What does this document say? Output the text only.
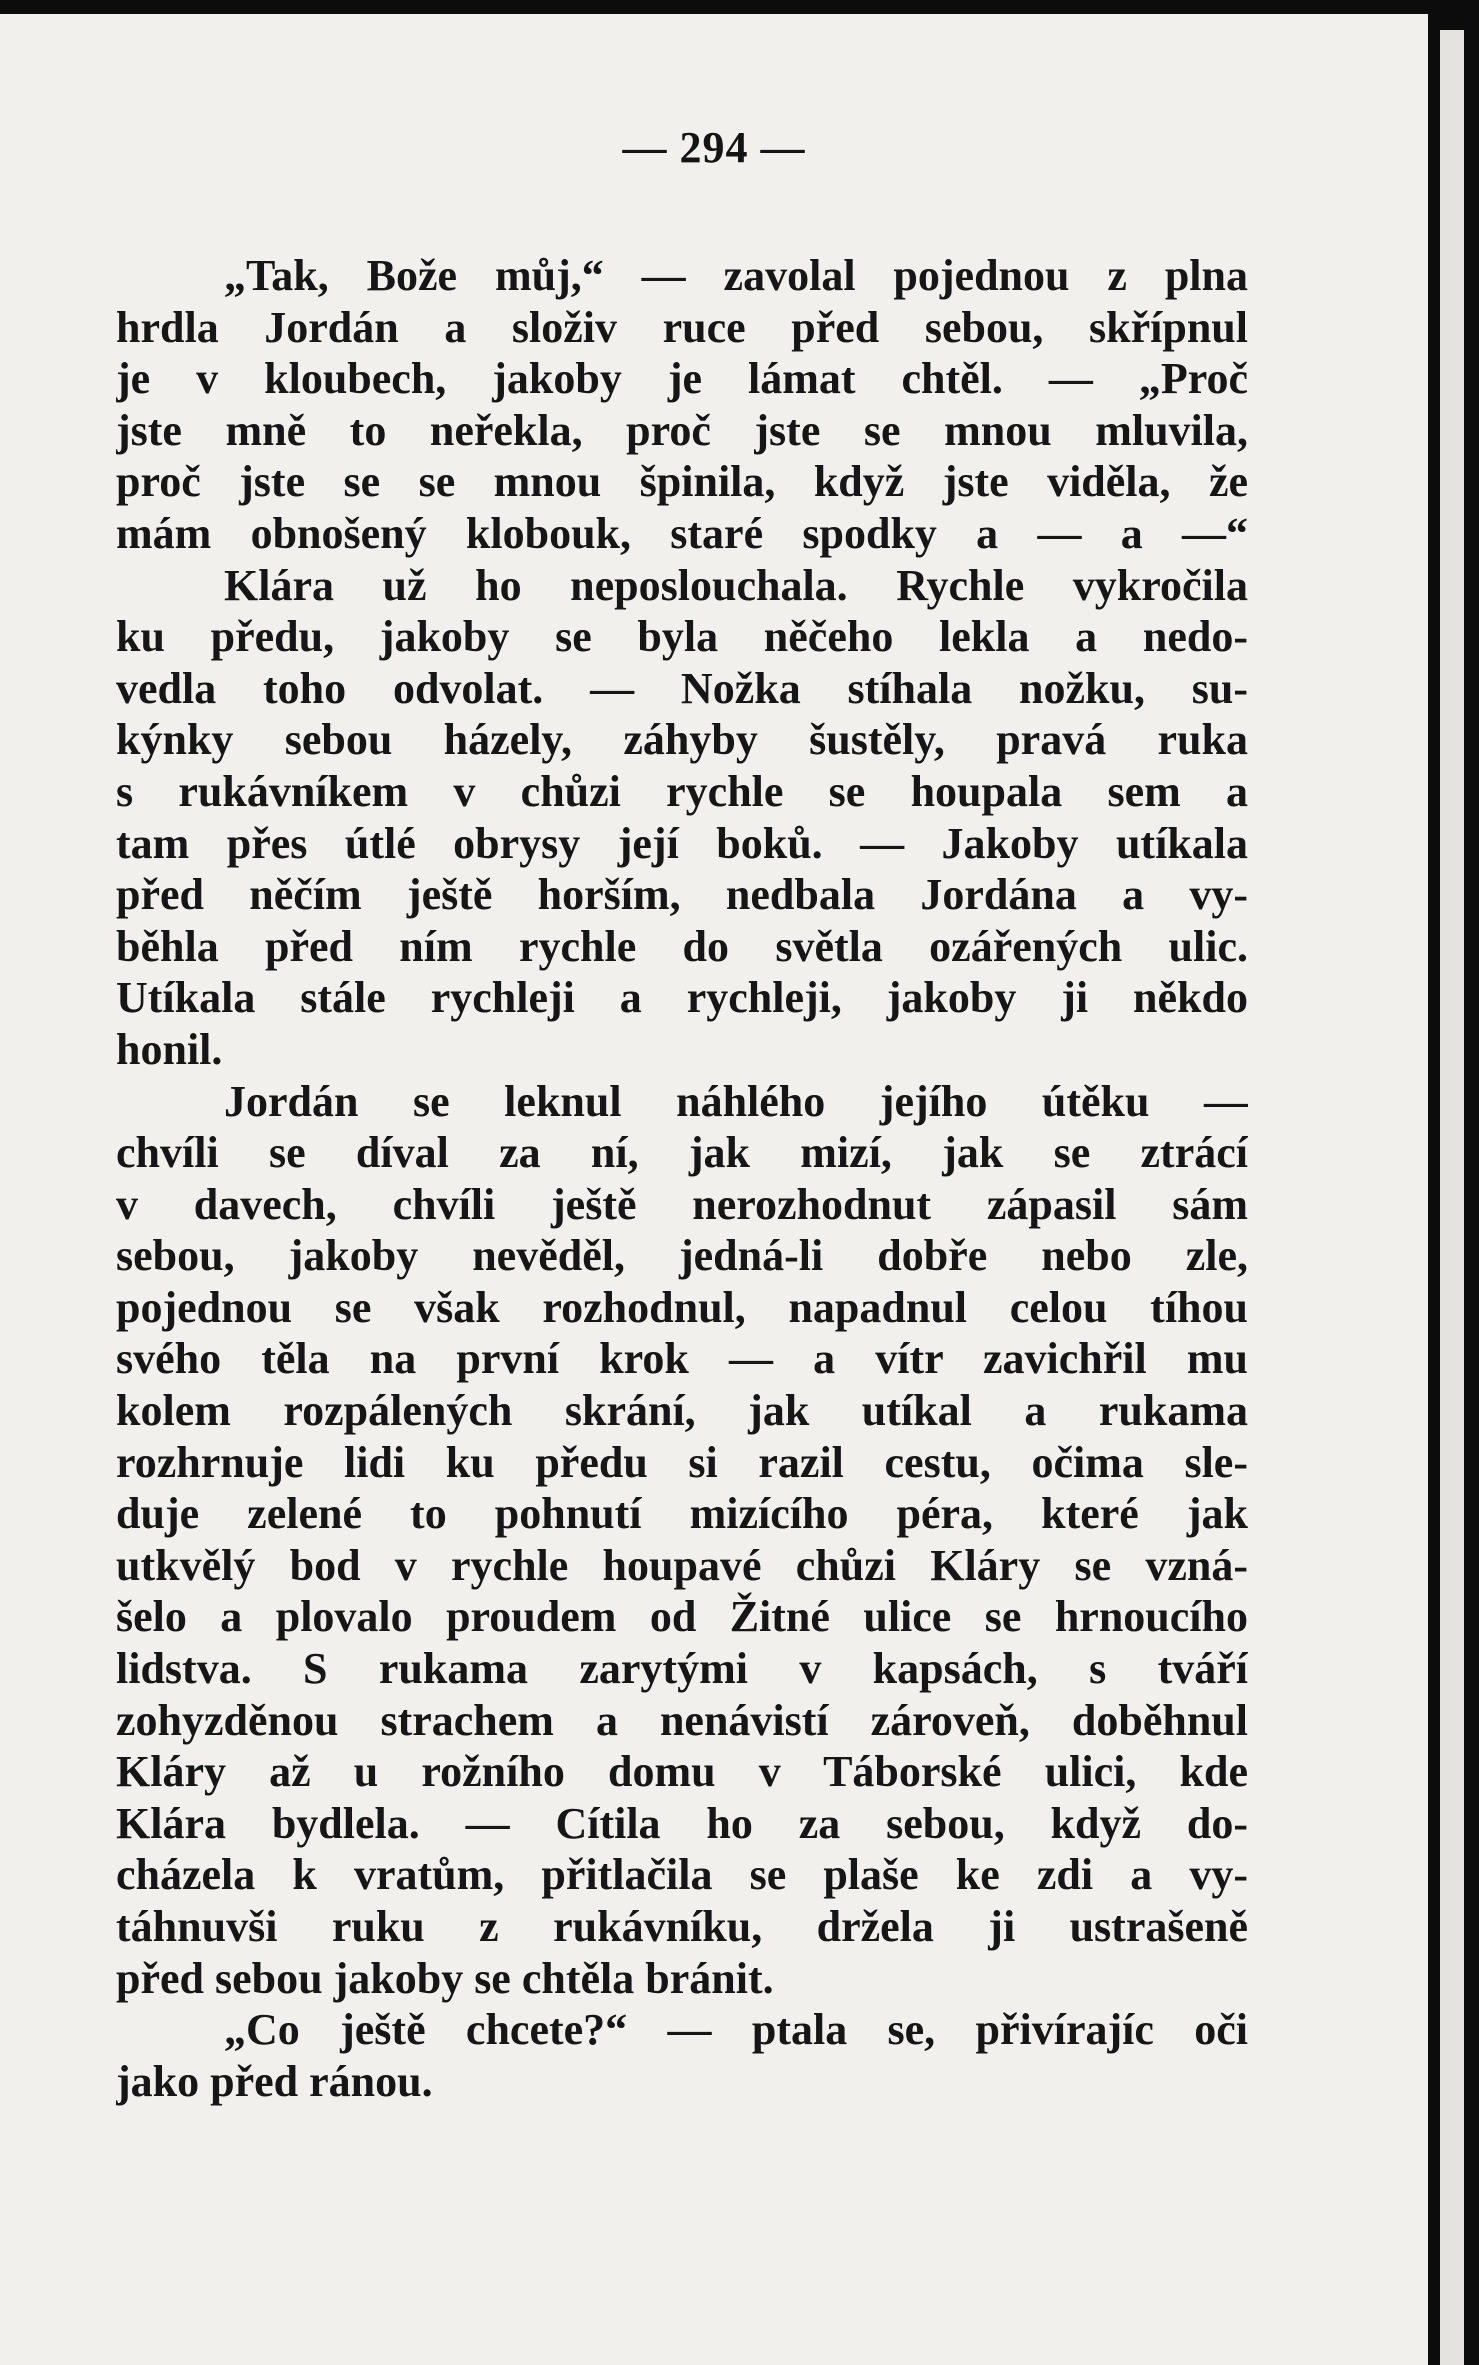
— 294 —
„Tak, Bože můj,“ — zavolal pojednou z plna
hrdla Jordán a složiv ruce před sebou, skřípnul
je v kloubech, jakoby je lámat chtěl. — „Proč
jste mně to neřekla, proč jste se mnou mluvila,
proč jste se se mnou špinila, když jste viděla, že
mám obnošený klobouk, staré spodky a — a —“
Klára už ho neposlouchala. Rychle vykročila
ku předu, jakoby se byla něčeho lekla a nedo-
vedla toho odvolat. — Nožka stíhala nožku, su-
kýnky sebou házely, záhyby šustěly, pravá ruka
s rukávníkem v chůzi rychle se houpala sem a
tam přes útlé obrysy její boků. — Jakoby utíkala
před něčím ještě horším, nedbala Jordána a vy-
běhla před ním rychle do světla ozářených ulic.
Utíkala stále rychleji a rychleji, jakoby ji někdo
honil.
Jordán se leknul náhlého jejího útěku —
chvíli se díval za ní, jak mizí, jak se ztrácí
v davech, chvíli ještě nerozhodnut zápasil sám
sebou, jakoby nevěděl, jedná-li dobře nebo zle,
pojednou se však rozhodnul, napadnul celou tíhou
svého těla na první krok — a vítr zavichřil mu
kolem rozpálených skrání, jak utíkal a rukama
rozhrnuje lidi ku předu si razil cestu, očima sle-
duje zelené to pohnutí mizícího péra, které jak
utkvělý bod v rychle houpavé chůzi Kláry se vzná-
šelo a plovalo proudem od Žitné ulice se hrnoucího
lidstva. S rukama zarytými v kapsách, s tváří
zohyzděnou strachem a nenávistí zároveň, doběhnul
Kláry až u rožního domu v Táborské ulici, kde
Klára bydlela. — Cítila ho za sebou, když do-
cházela k vratům, přitlačila se plaše ke zdi a vy-
táhnuvši ruku z rukávníku, držela ji ustrašeně
před sebou jakoby se chtěla bránit.
„Co ještě chcete?“ — ptala se, přivírajíc oči
jako před ránou.
